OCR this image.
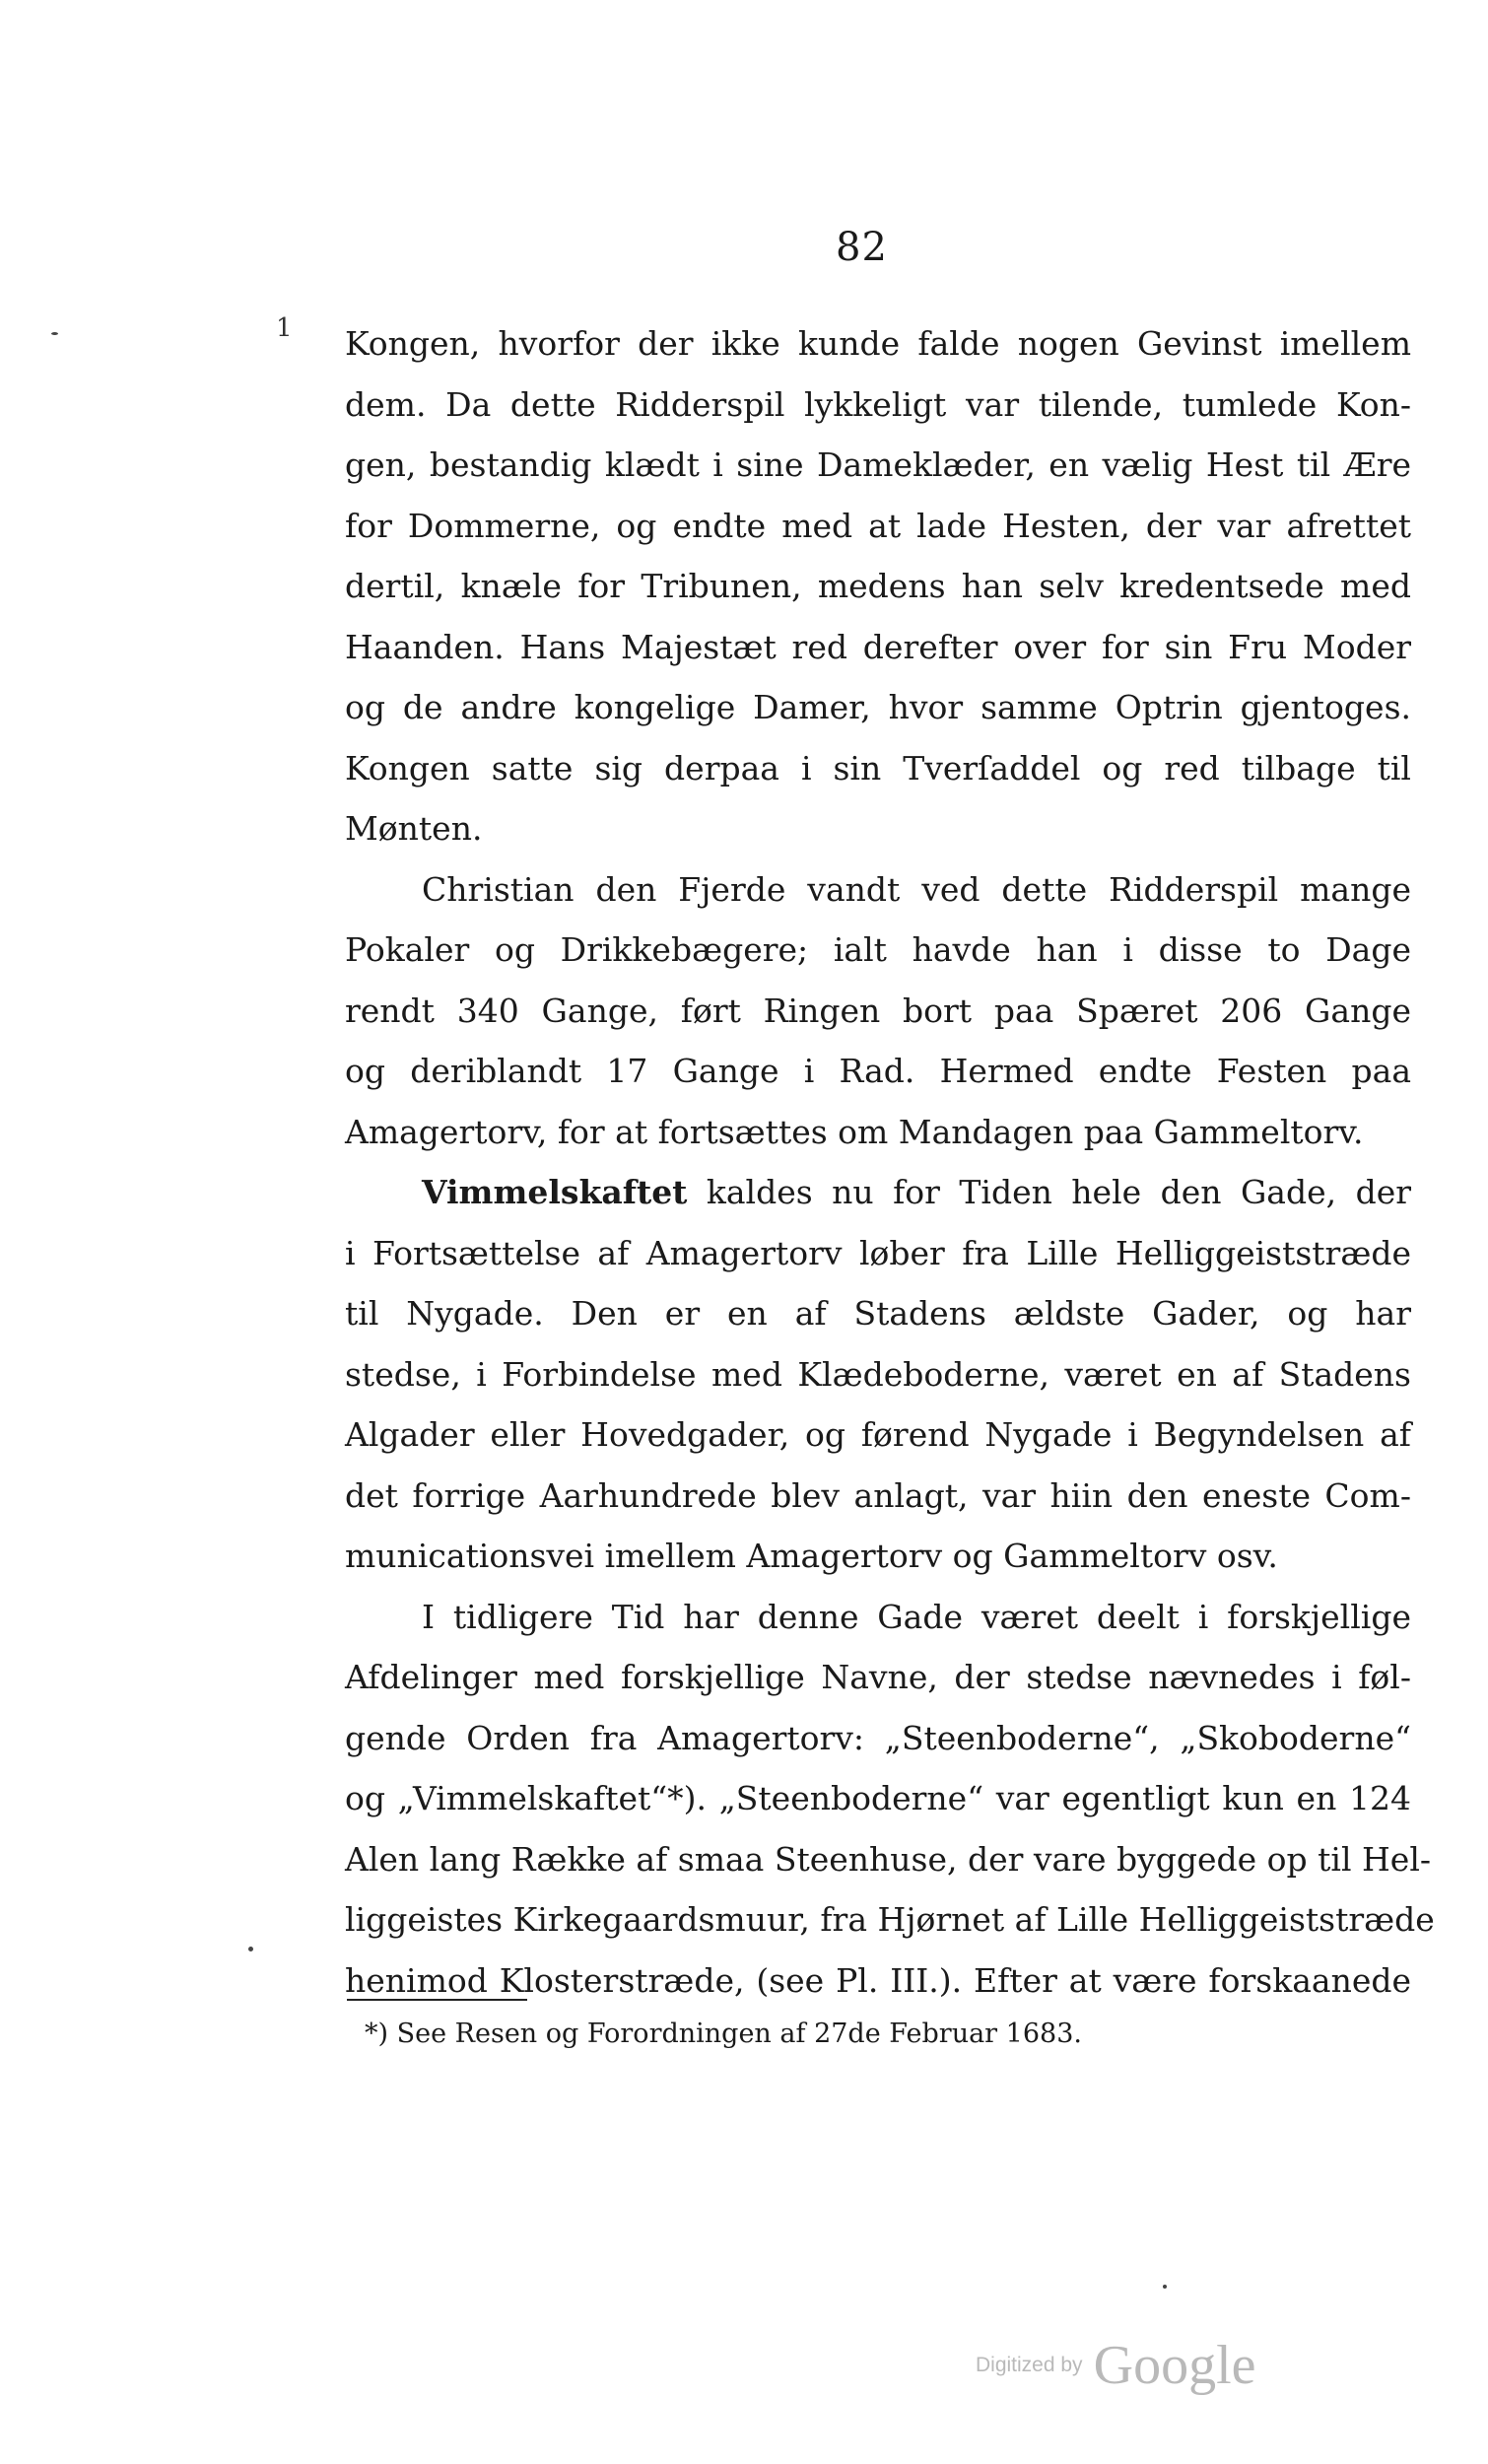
82
1 Kongen, hvorfor der ikke kunde falde nogen Gevinst imellem
dem. Da dette Ridderspil lykkeligt var tilende, tumlede Kon-
gen, bestandig klædt i sine Dameklæder, en vælig Hest til Ære
for Dommerne, og endte med at lade Hesten, der var afrettet
dertil, knæle for Tribunen, medens han selv kredentsede med
Haanden. Hans Majestæt red derefter over for sin Fru Moder
og de andre kongelige Damer, hvor samme Optrin gjentoges.
Kongen satte sig derpaa i sin Tverſaddel og red tilbage til
Mønten.
Christian den Fjerde vandt ved dette Ridderspil mange
Pokaler og Drikkebægere; ialt havde han i disse to Dage
rendt 340 Gange, ført Ringen bort paa Spæret 206 Gange
og deriblandt 17 Gange i Rad. Hermed endte Festen paa
Amagertorv, for at fortsættes om Mandagen paa Gammeltorv.
Vimmelskaftet kaldes nu for Tiden hele den Gade, der
i Fortsættelse af Amagertorv løber fra Lille Helliggeiststræde
til Nygade. Den er en af Stadens ældste Gader, og har
stedse, i Forbindelse med Klædeboderne, været en af Stadens
Algader eller Hovedgader, og førend Nygade i Begyndelsen af
det forrige Aarhundrede blev anlagt, var hiin den eneste Com-
municationsvei imellem Amagertorv og Gammeltorv osv.
I tidligere Tid har denne Gade været deelt i forskjellige
Afdelinger med forskjellige Navne, der stedse nævnedes i føl-
gende Orden fra Amagertorv: „Steenboderne“, „Skoboderne“
og „Vimmelskaftet“*). „Steenboderne“ var egentligt kun en 124
Alen lang Række af smaa Steenhuse, der vare byggede op til Hel-
liggeistes Kirkegaardsmuur, fra Hjørnet af Lille Helliggeiststræde
henimod Klosterstræde, (see Pl. III.). Efter at være forskaanede
*) See Resen og Forordningen af 27de Februar 1683.
Digitized by Google
